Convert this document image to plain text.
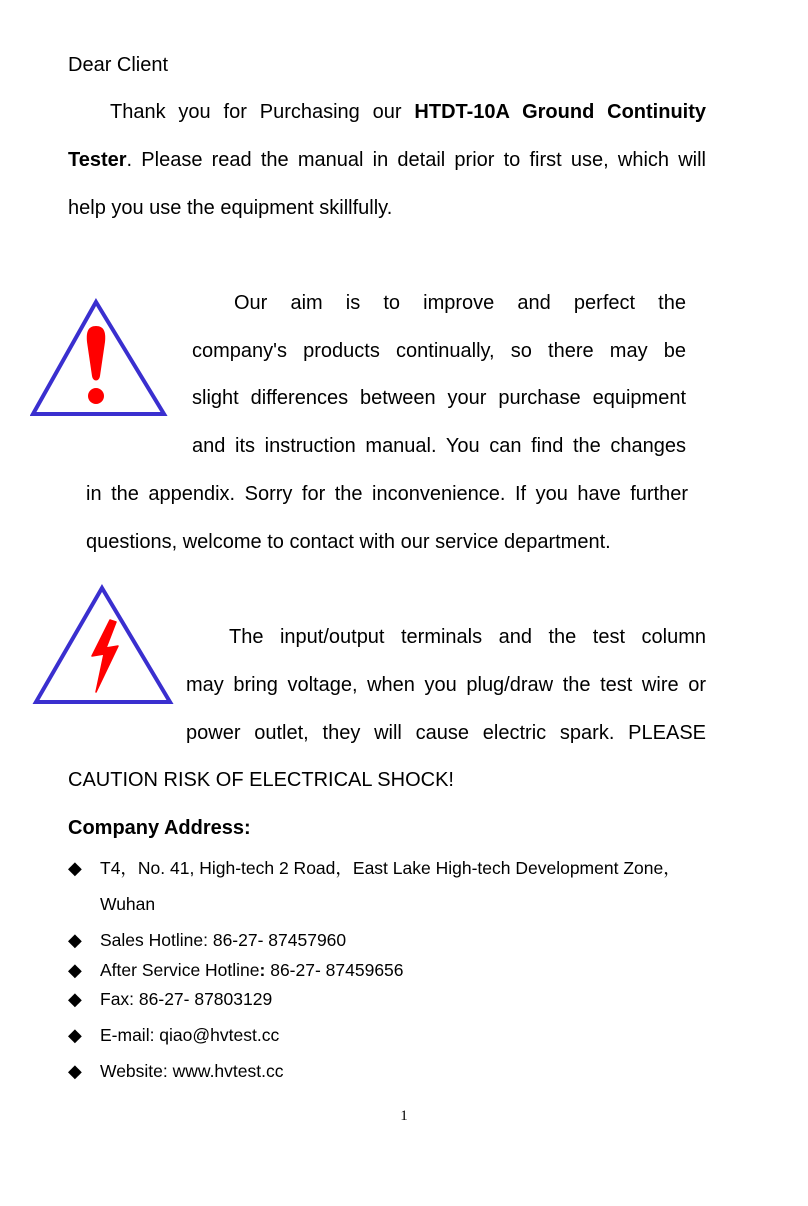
Dear Client
Thank you for Purchasing our HTDT-10A Ground Continuity
Tester. Please read the manual in detail prior to first use, which will
help you use the equipment skillfully.
Our aim is to improve and perfect the
company's products continually, so there may be
slight differences between your purchase equipment
and its instruction manual. You can find the changes
in the appendix. Sorry for the inconvenience. If you have further
questions, welcome to contact with our service department.
The input/output terminals and the test column
may bring voltage, when you plug/draw the test wire or
power outlet, they will cause electric spark. PLEASE
CAUTION RISK OF ELECTRICAL SHOCK!
Company Address:
◆ T4，No. 41, High-tech 2 Road，East Lake High-tech Development Zone，
Wuhan
◆ Sales Hotline: 86-27- 87457960
◆ After Service Hotline: 86-27- 87459656
◆ Fax: 86-27- 87803129
◆ E-mail: qiao@hvtest.cc
◆ Website: www.hvtest.cc
1
